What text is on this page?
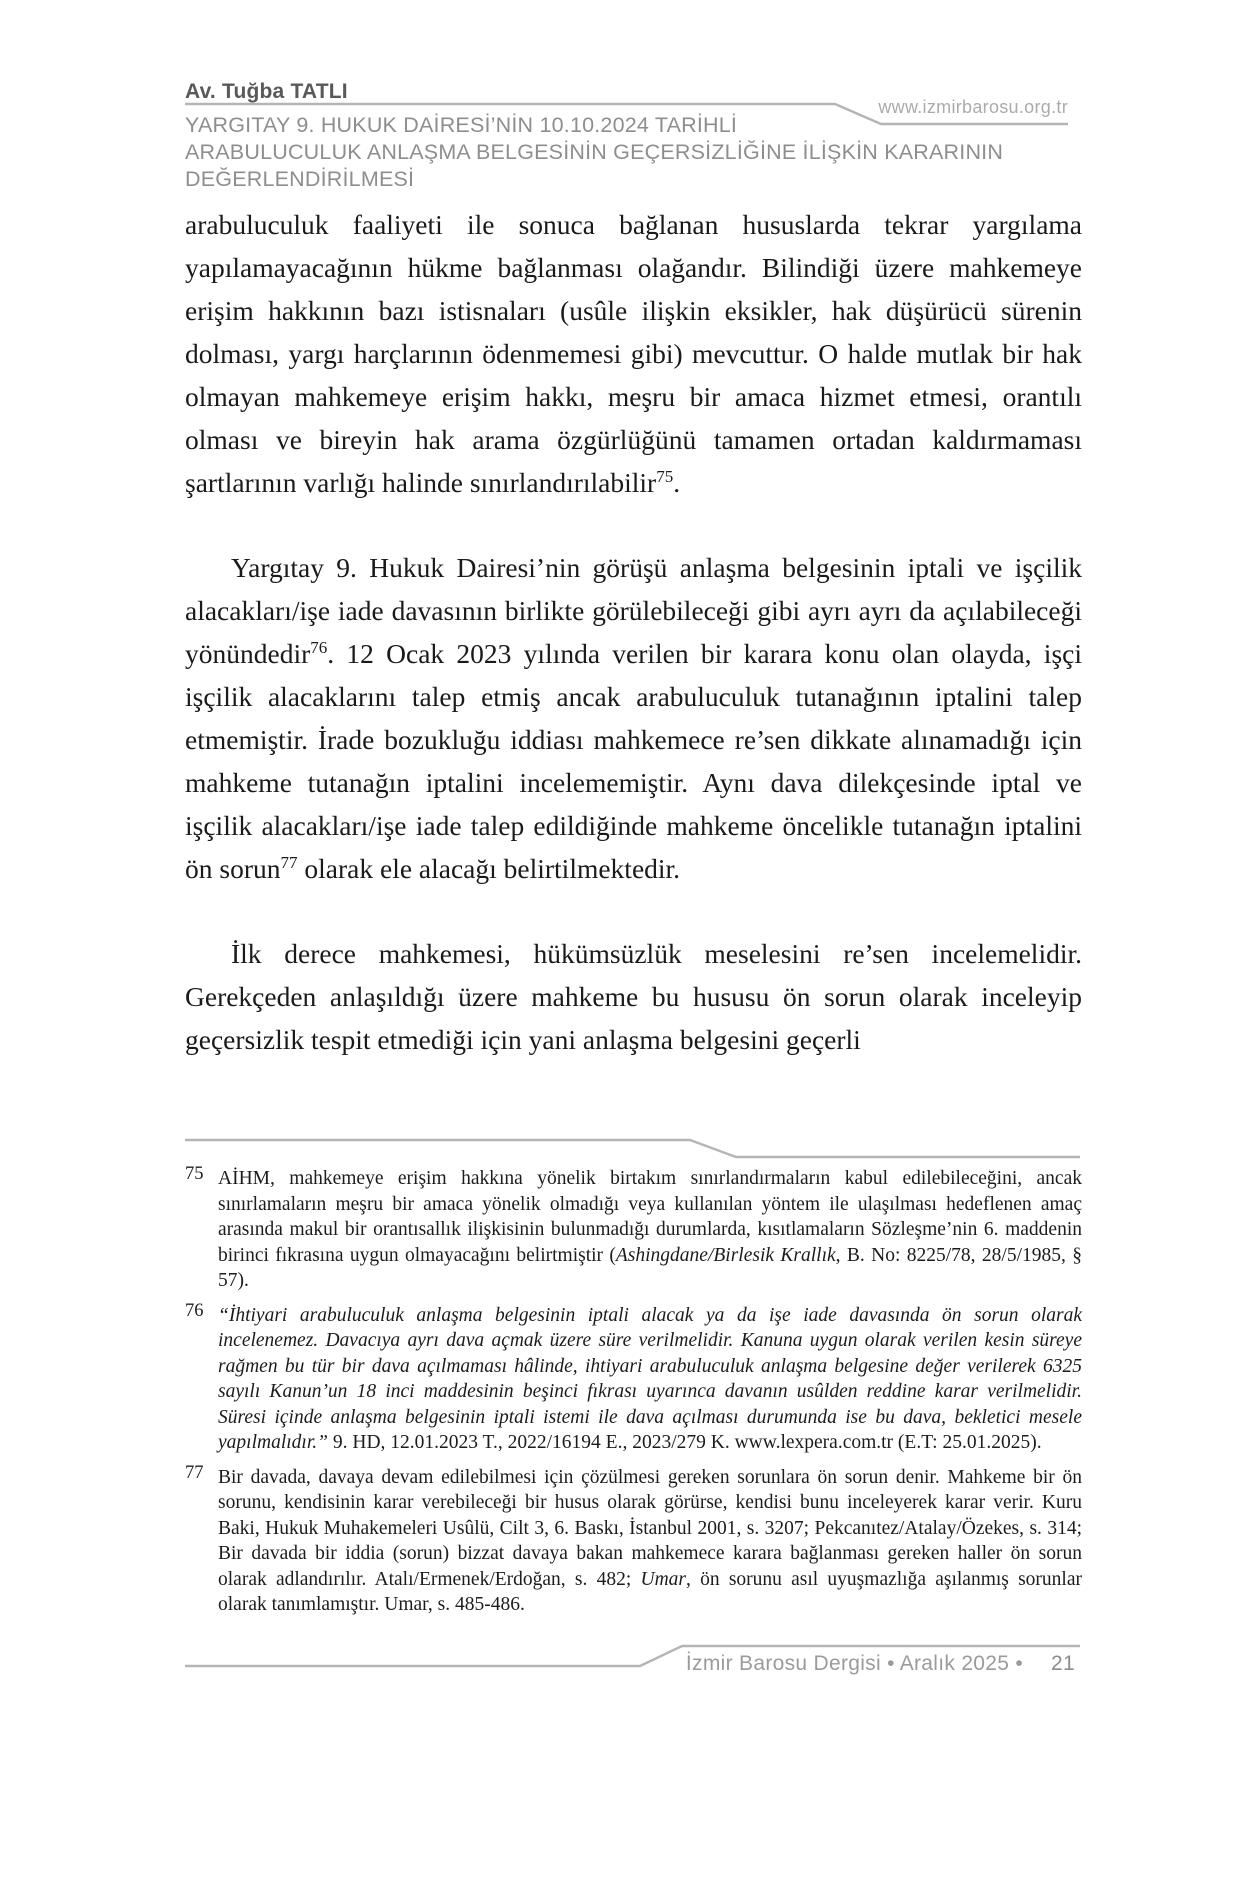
Av. Tuğba TATLI
www.izmirbarosu.org.tr
YARGITAY 9. HUKUK DAİRESİ’NİN 10.10.2024 TARİHLİ
ARABULUCULUK ANLAŞMA BELGESİNİN GEÇERSİZLİĞİNE İLİŞKİN KARARININ
DEĞERLENDİRİLMESİ

arabuluculuk faaliyeti ile sonuca bağlanan hususlarda tekrar yargılama yapılamayacağının hükme bağlanması olağandır. Bilindiği üzere mahkemeye erişim hakkının bazı istisnaları (usûle ilişkin eksikler, hak düşürücü sürenin dolması, yargı harçlarının ödenmemesi gibi) mevcuttur. O halde mutlak bir hak olmayan mahkemeye erişim hakkı, meşru bir amaca hizmet etmesi, orantılı olması ve bireyin hak arama özgürlüğünü tamamen ortadan kaldırmaması şartlarının varlığı halinde sınırlandırılabilir$^{75}$.

Yargıtay 9. Hukuk Dairesi’nin görüşü anlaşma belgesinin iptali ve işçilik alacakları/işe iade davasının birlikte görülebileceği gibi ayrı ayrı da açılabileceği yönündedir$^{76}$. 12 Ocak 2023 yılında verilen bir karara konu olan olayda, işçi işçilik alacaklarını talep etmiş ancak arabuluculuk tutanağının iptalini talep etmemiştir. İrade bozukluğu iddiası mahkemece re’sen dikkate alınamadığı için mahkeme tutanağın iptalini incelememiştir. Aynı dava dilekçesinde iptal ve işçilik alacakları/işe iade talep edildiğinde mahkeme öncelikle tutanağın iptalini ön sorun$^{77}$ olarak ele alacağı belirtilmektedir.

İlk derece mahkemesi, hükümsüzlük meselesini re’sen incelemelidir. Gerekçeden anlaşıldığı üzere mahkeme bu hususu ön sorun olarak inceleyip geçersizlik tespit etmediği için yani anlaşma belgesini geçerli

75 AİHM, mahkemeye erişim hakkına yönelik birtakım sınırlandırmaların kabul edilebileceğini, ancak sınırlamaların meşru bir amaca yönelik olmadığı veya kullanılan yöntem ile ulaşılması hedeflenen amaç arasında makul bir orantısallık ilişkisinin bulunmadığı durumlarda, kısıtlamaların Sözleşme’nin 6. maddenin birinci fıkrasına uygun olmayacağını belirtmiştir (Ashingdane/Birlesik Krallık, B. No: 8225/78, 28/5/1985, § 57).
76 “İhtiyari arabuluculuk anlaşma belgesinin iptali alacak ya da işe iade davasında ön sorun olarak incelenemez. Davacıya ayrı dava açmak üzere süre verilmelidir. Kanuna uygun olarak verilen kesin süreye rağmen bu tür bir dava açılmaması hâlinde, ihtiyari arabuluculuk anlaşma belgesine değer verilerek 6325 sayılı Kanun’un 18 inci maddesinin beşinci fıkrası uyarınca davanın usûlden reddine karar verilmelidir. Süresi içinde anlaşma belgesinin iptali istemi ile dava açılması durumunda ise bu dava, bekletici mesele yapılmalıdır.” 9. HD, 12.01.2023 T., 2022/16194 E., 2023/279 K. www.lexpera.com.tr (E.T: 25.01.2025).
77 Bir davada, davaya devam edilebilmesi için çözülmesi gereken sorunlara ön sorun denir. Mahkeme bir ön sorunu, kendisinin karar verebileceği bir husus olarak görürse, kendisi bunu inceleyerek karar verir. Kuru Baki, Hukuk Muhakemeleri Usûlü, Cilt 3, 6. Baskı, İstanbul 2001, s. 3207; Pekcanıtez/Atalay/Özekes, s. 314; Bir davada bir iddia (sorun) bizzat davaya bakan mahkemece karara bağlanması gereken haller ön sorun olarak adlandırılır. Atalı/Ermenek/Erdoğan, s. 482; Umar, ön sorunu asıl uyuşmazlığa aşılanmış sorunlar olarak tanımlamıştır. Umar, s. 485-486.
İzmir Barosu Dergisi • Aralık 2025 • 21
